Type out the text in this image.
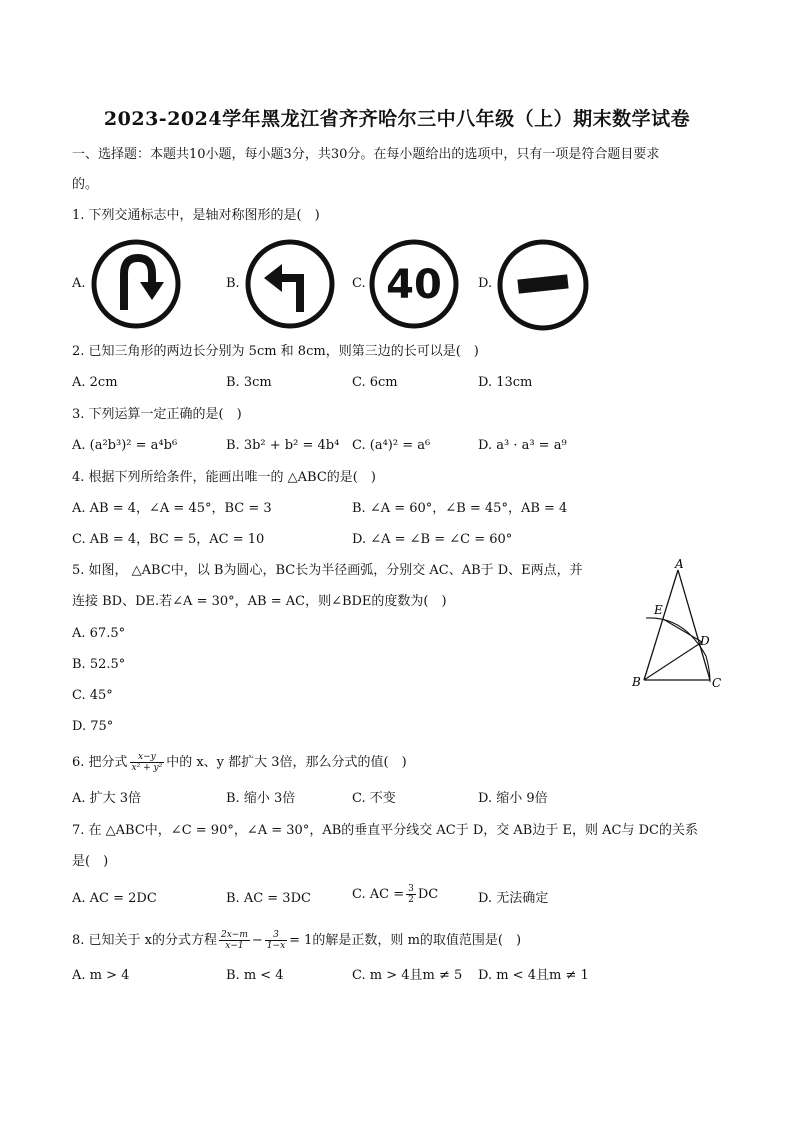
2023-2024学年黑龙江省齐齐哈尔三中八年级（上）期末数学试卷
一、选择题：本题共10小题，每小题3分，共30分。在每小题给出的选项中，只有一项是符合题目要求
的。
1. 下列交通标志中，是轴对称图形的是(　)
A.	B.	C. 40	D.
2. 已知三角形的两边长分别为 5cm 和 8cm，则第三边的长可以是(　)
A. 2cm	B. 3cm	C. 6cm	D. 13cm
3. 下列运算一定正确的是(　)
A. (a²b³)² = a⁴b⁶	B. 3b² + b² = 4b⁴ C. (a⁴)² = a⁶	D. a³ · a³ = a⁹
4. 根据下列所给条件，能画出唯一的 △ABC的是(　)
A. AB = 4，∠A = 45°，BC = 3	B. ∠A = 60°，∠B = 45°，AB = 4
C. AB = 4，BC = 5，AC = 10	D. ∠A = ∠B = ∠C = 60°
5. 如图， △ABC中，以 B为圆心，BC长为半径画弧，分别交 AC、AB于 D、E两点，并
连接 BD、DE.若∠A = 30°，AB = AC，则∠BDE的度数为(　)
A. 67.5°
B. 52.5°
C. 45°
D. 75°
A
E
D
B	C
6. 把分式 $\frac{x-y}{\text{x² + y²}}$ 中的 x、y 都扩大 3倍，那么分式的值(　)
A. 扩大 3倍	B. 缩小 3倍	C. 不变	D. 缩小 9倍
7. 在 △ABC中，∠C = 90°，∠A = 30°，AB的垂直平分线交 AC于 D，交 AB边于 E，则 AC与 DC的关系
是(　)
A. AC = 2DC	B. AC = 3DC	C. AC = $\frac{3}{2}$ DC	D. 无法确定
8. 已知关于 x的分式方程 $\frac{2x-m}{x-1} - \frac{3}{1-x} = 1$的解是正数，则 m的取值范围是(　)
A. m > 4	B. m < 4	C. m > 4且m ≠ 5 D. m < 4且m ≠ 1
